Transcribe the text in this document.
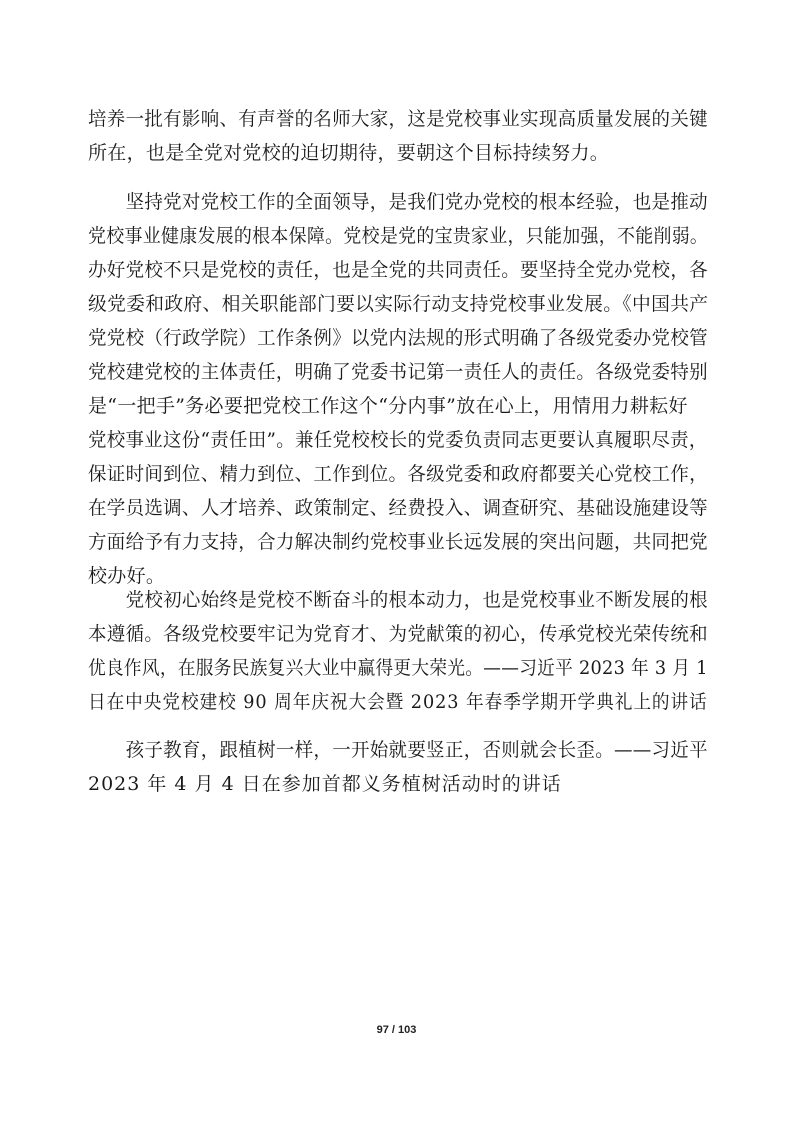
培养一批有影响、有声誉的名师大家，这是党校事业实现高质量发展的关键
所在，也是全党对党校的迫切期待，要朝这个目标持续努力。

　　坚持党对党校工作的全面领导，是我们党办党校的根本经验，也是推动
党校事业健康发展的根本保障。党校是党的宝贵家业，只能加强，不能削弱。
办好党校不只是党校的责任，也是全党的共同责任。要坚持全党办党校，各
级党委和政府、相关职能部门要以实际行动支持党校事业发展。《中国共产
党党校（行政学院）工作条例》以党内法规的形式明确了各级党委办党校管
党校建党校的主体责任，明确了党委书记第一责任人的责任。各级党委特别
是“一把手”务必要把党校工作这个“分内事”放在心上，用情用力耕耘好
党校事业这份“责任田”。兼任党校校长的党委负责同志更要认真履职尽责，
保证时间到位、精力到位、工作到位。各级党委和政府都要关心党校工作，
在学员选调、人才培养、政策制定、经费投入、调查研究、基础设施建设等
方面给予有力支持，合力解决制约党校事业长远发展的突出问题，共同把党
校办好。

　　党校初心始终是党校不断奋斗的根本动力，也是党校事业不断发展的根
本遵循。各级党校要牢记为党育才、为党献策的初心，传承党校光荣传统和
优良作风，在服务民族复兴大业中赢得更大荣光。——习近平 2023 年 3 月 1
日在中央党校建校 90 周年庆祝大会暨 2023 年春季学期开学典礼上的讲话

　　孩子教育，跟植树一样，一开始就要竖正，否则就会长歪。——习近平
2023 年 4 月 4 日在参加首都义务植树活动时的讲话

97 / 103
